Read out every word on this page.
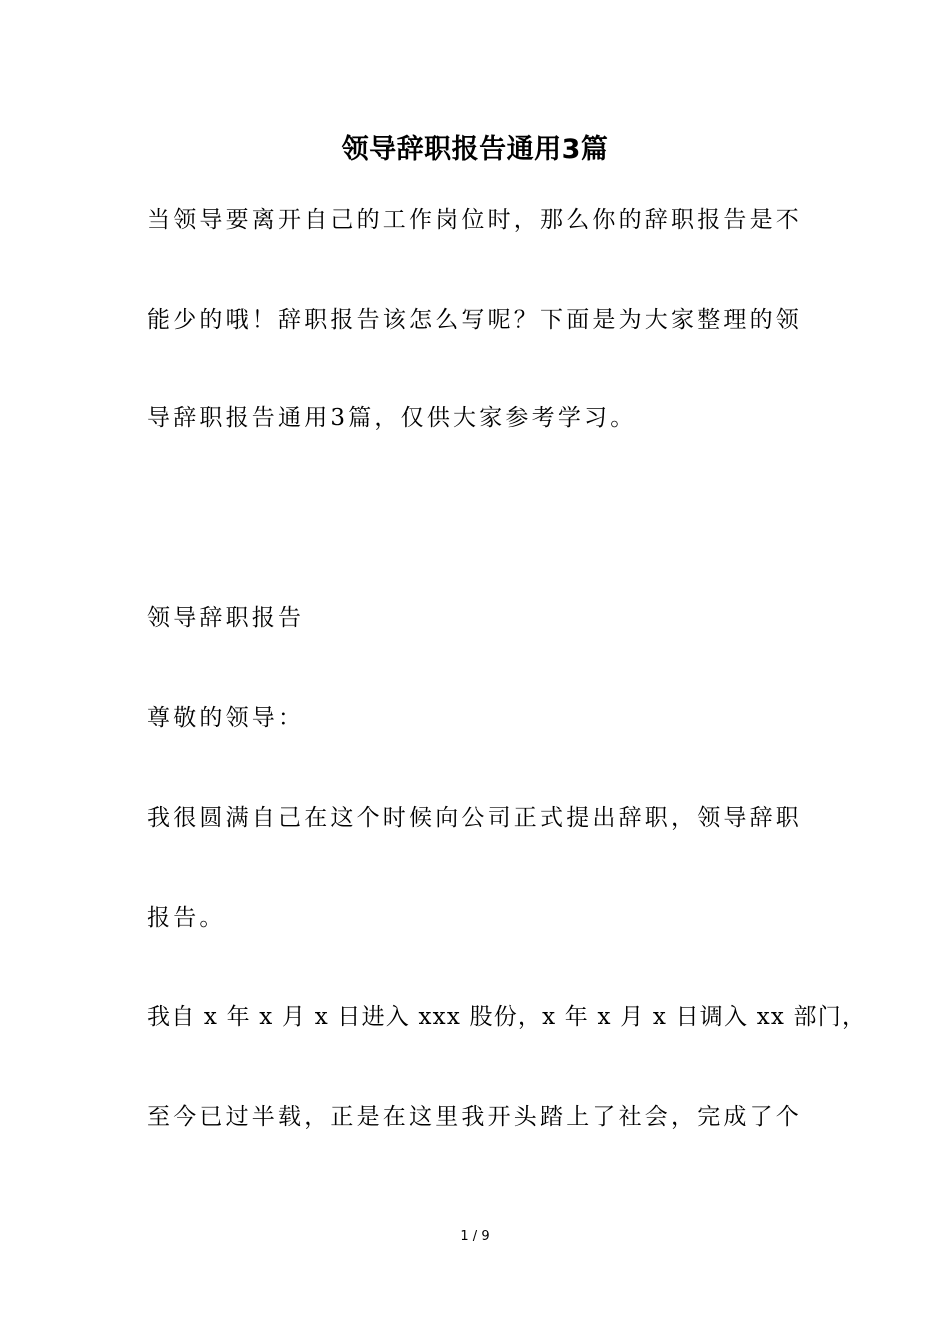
领导辞职报告通用3篇
当领导要离开自己的工作岗位时，那么你的辞职报告是不
能少的哦！辞职报告该怎么写呢？下面是为大家整理的领
导辞职报告通用3篇，仅供大家参考学习。
领导辞职报告
尊敬的领导：
我很圆满自己在这个时候向公司正式提出辞职，领导辞职
报告。
我自 x 年 x 月 x 日进入 xxx 股份，x 年 x 月 x 日调入 xx 部门，
至今已过半载，正是在这里我开头踏上了社会，完成了个
1 / 9
